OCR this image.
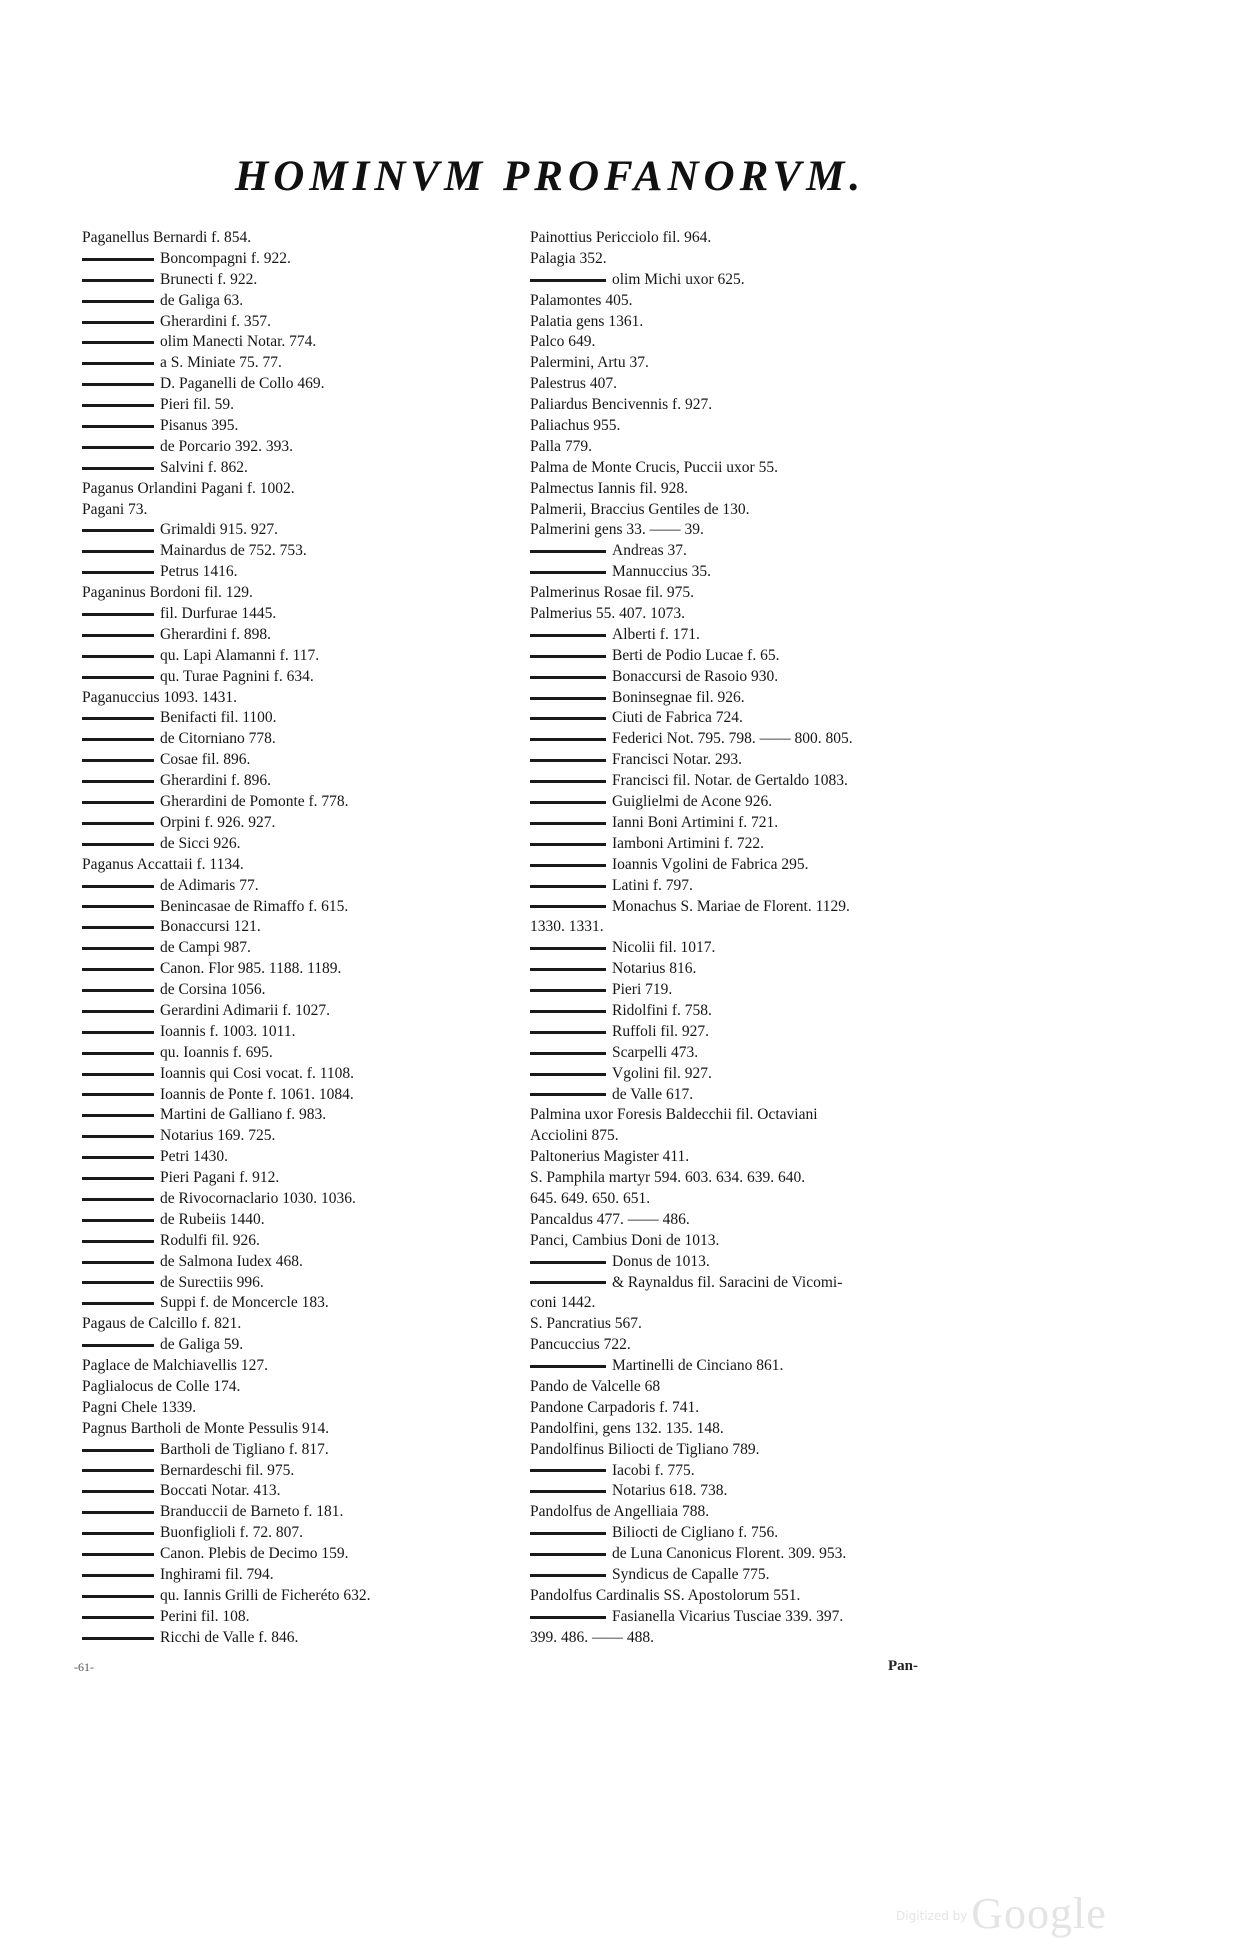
HOMINVM PROFANORVM.
Paganellus Bernardi f. 854.
Boncompagni f. 922.
Brunecti f. 922.
de Galiga 63.
Gherardini f. 357.
olim Manecti Notar. 774.
a S. Miniate 75. 77.
D. Paganelli de Collo 469.
Pieri fil. 59.
Pisanus 395.
de Porcario 392. 393.
Salvini f. 862.
Paganus Orlandini Pagani f. 1002.
Pagani 73.
Grimaldi 915. 927.
Mainardus de 752. 753.
Petrus 1416.
Paganinus Bordoni fil. 129.
fil. Durfurae 1445.
Gherardini f. 898.
qu. Lapi Alamanni f. 117.
qu. Turae Pagnini f. 634.
Paganuccius 1093. 1431.
Benifacti fil. 1100.
de Citorniano 778.
Cosae fil. 896.
Gherardini f. 896.
Gherardini de Pomonte f. 778.
Orpini f. 926. 927.
de Sicci 926.
Paganus Accattaii f. 1134.
de Adimaris 77.
Benincasae de Rimaffo f. 615.
Bonaccursi 121.
de Campi 987.
Canon. Flor 985. 1188. 1189.
de Corsina 1056.
Gerardini Adimarii f. 1027.
Ioannis f. 1003. 1011.
qu. Ioannis f. 695.
Ioannis qui Cosi vocat. f. 1108.
Ioannis de Ponte f. 1061. 1084.
Martini de Galliano f. 983.
Notarius 169. 725.
Petri 1430.
Pieri Pagani f. 912.
de Rivocornaclario 1030. 1036.
de Rubeiis 1440.
Rodulfi fil. 926.
de Salmona Iudex 468.
de Surectiis 996.
Suppi f. de Moncercle 183.
Pagaus de Calcillo f. 821.
de Galiga 59.
Paglace de Malchiavellis 127.
Paglialocus de Colle 174.
Pagni Chele 1339.
Pagnus Bartholi de Monte Pessulis 914.
Bartholi de Tigliano f. 817.
Bernardeschi fil. 975.
Boccati Notar. 413.
Branduccii de Barneto f. 181.
Buonfiglioli f. 72. 807.
Canon. Plebis de Decimo 159.
Inghirami fil. 794.
qu. Iannis Grilli de Ficheréto 632.
Perini fil. 108.
Ricchi de Valle f. 846.
Painottius Pericciolo fil. 964.
Palagia 352.
olim Michi uxor 625.
Palamontes 405.
Palatia gens 1361.
Palco 649.
Palermini, Artu 37.
Palestrus 407.
Paliardus Bencivennis f. 927.
Paliachus 955.
Palla 779.
Palma de Monte Crucis, Puccii uxor 55.
Palmectus Iannis fil. 928.
Palmerii, Braccius Gentiles de 130.
Palmerini gens 33. —— 39.
Andreas 37.
Mannuccius 35.
Palmerinus Rosae fil. 975.
Palmerius 55. 407. 1073.
Alberti f. 171.
Berti de Podio Lucae f. 65.
Bonaccursi de Rasoio 930.
Boninsegnae fil. 926.
Ciuti de Fabrica 724.
Federici Not. 795. 798. —— 800. 805.
Francisci Notar. 293.
Francisci fil. Notar. de Gertaldo 1083.
Guiglielmi de Acone 926.
Ianni Boni Artimini f. 721.
Iamboni Artimini f. 722.
Ioannis Vgolini de Fabrica 295.
Latini f. 797.
Monachus S. Mariae de Florent. 1129.
1330. 1331.
Nicolii fil. 1017.
Notarius 816.
Pieri 719.
Ridolfini f. 758.
Ruffoli fil. 927.
Scarpelli 473.
Vgolini fil. 927.
de Valle 617.
Palmina uxor Foresis Baldecchii fil. Octaviani
Acciolini 875.
Paltonerius Magister 411.
S. Pamphila martyr 594. 603. 634. 639. 640.
645. 649. 650. 651.
Pancaldus 477. —— 486.
Panci, Cambius Doni de 1013.
Donus de 1013.
& Raynaldus fil. Saracini de Vicomi-
coni 1442.
S. Pancratius 567.
Pancuccius 722.
Martinelli de Cinciano 861.
Pando de Valcelle 68
Pandone Carpadoris f. 741.
Pandolfini, gens 132. 135. 148.
Pandolfinus Biliocti de Tigliano 789.
Iacobi f. 775.
Notarius 618. 738.
Pandolfus de Angelliaia 788.
Biliocti de Cigliano f. 756.
de Luna Canonicus Florent. 309. 953.
Syndicus de Capalle 775.
Pandolfus Cardinalis SS. Apostolorum 551.
Fasianella Vicarius Tusciae 339. 397.
399. 486. —— 488.
-61-	Pan-
Digitized by Google
